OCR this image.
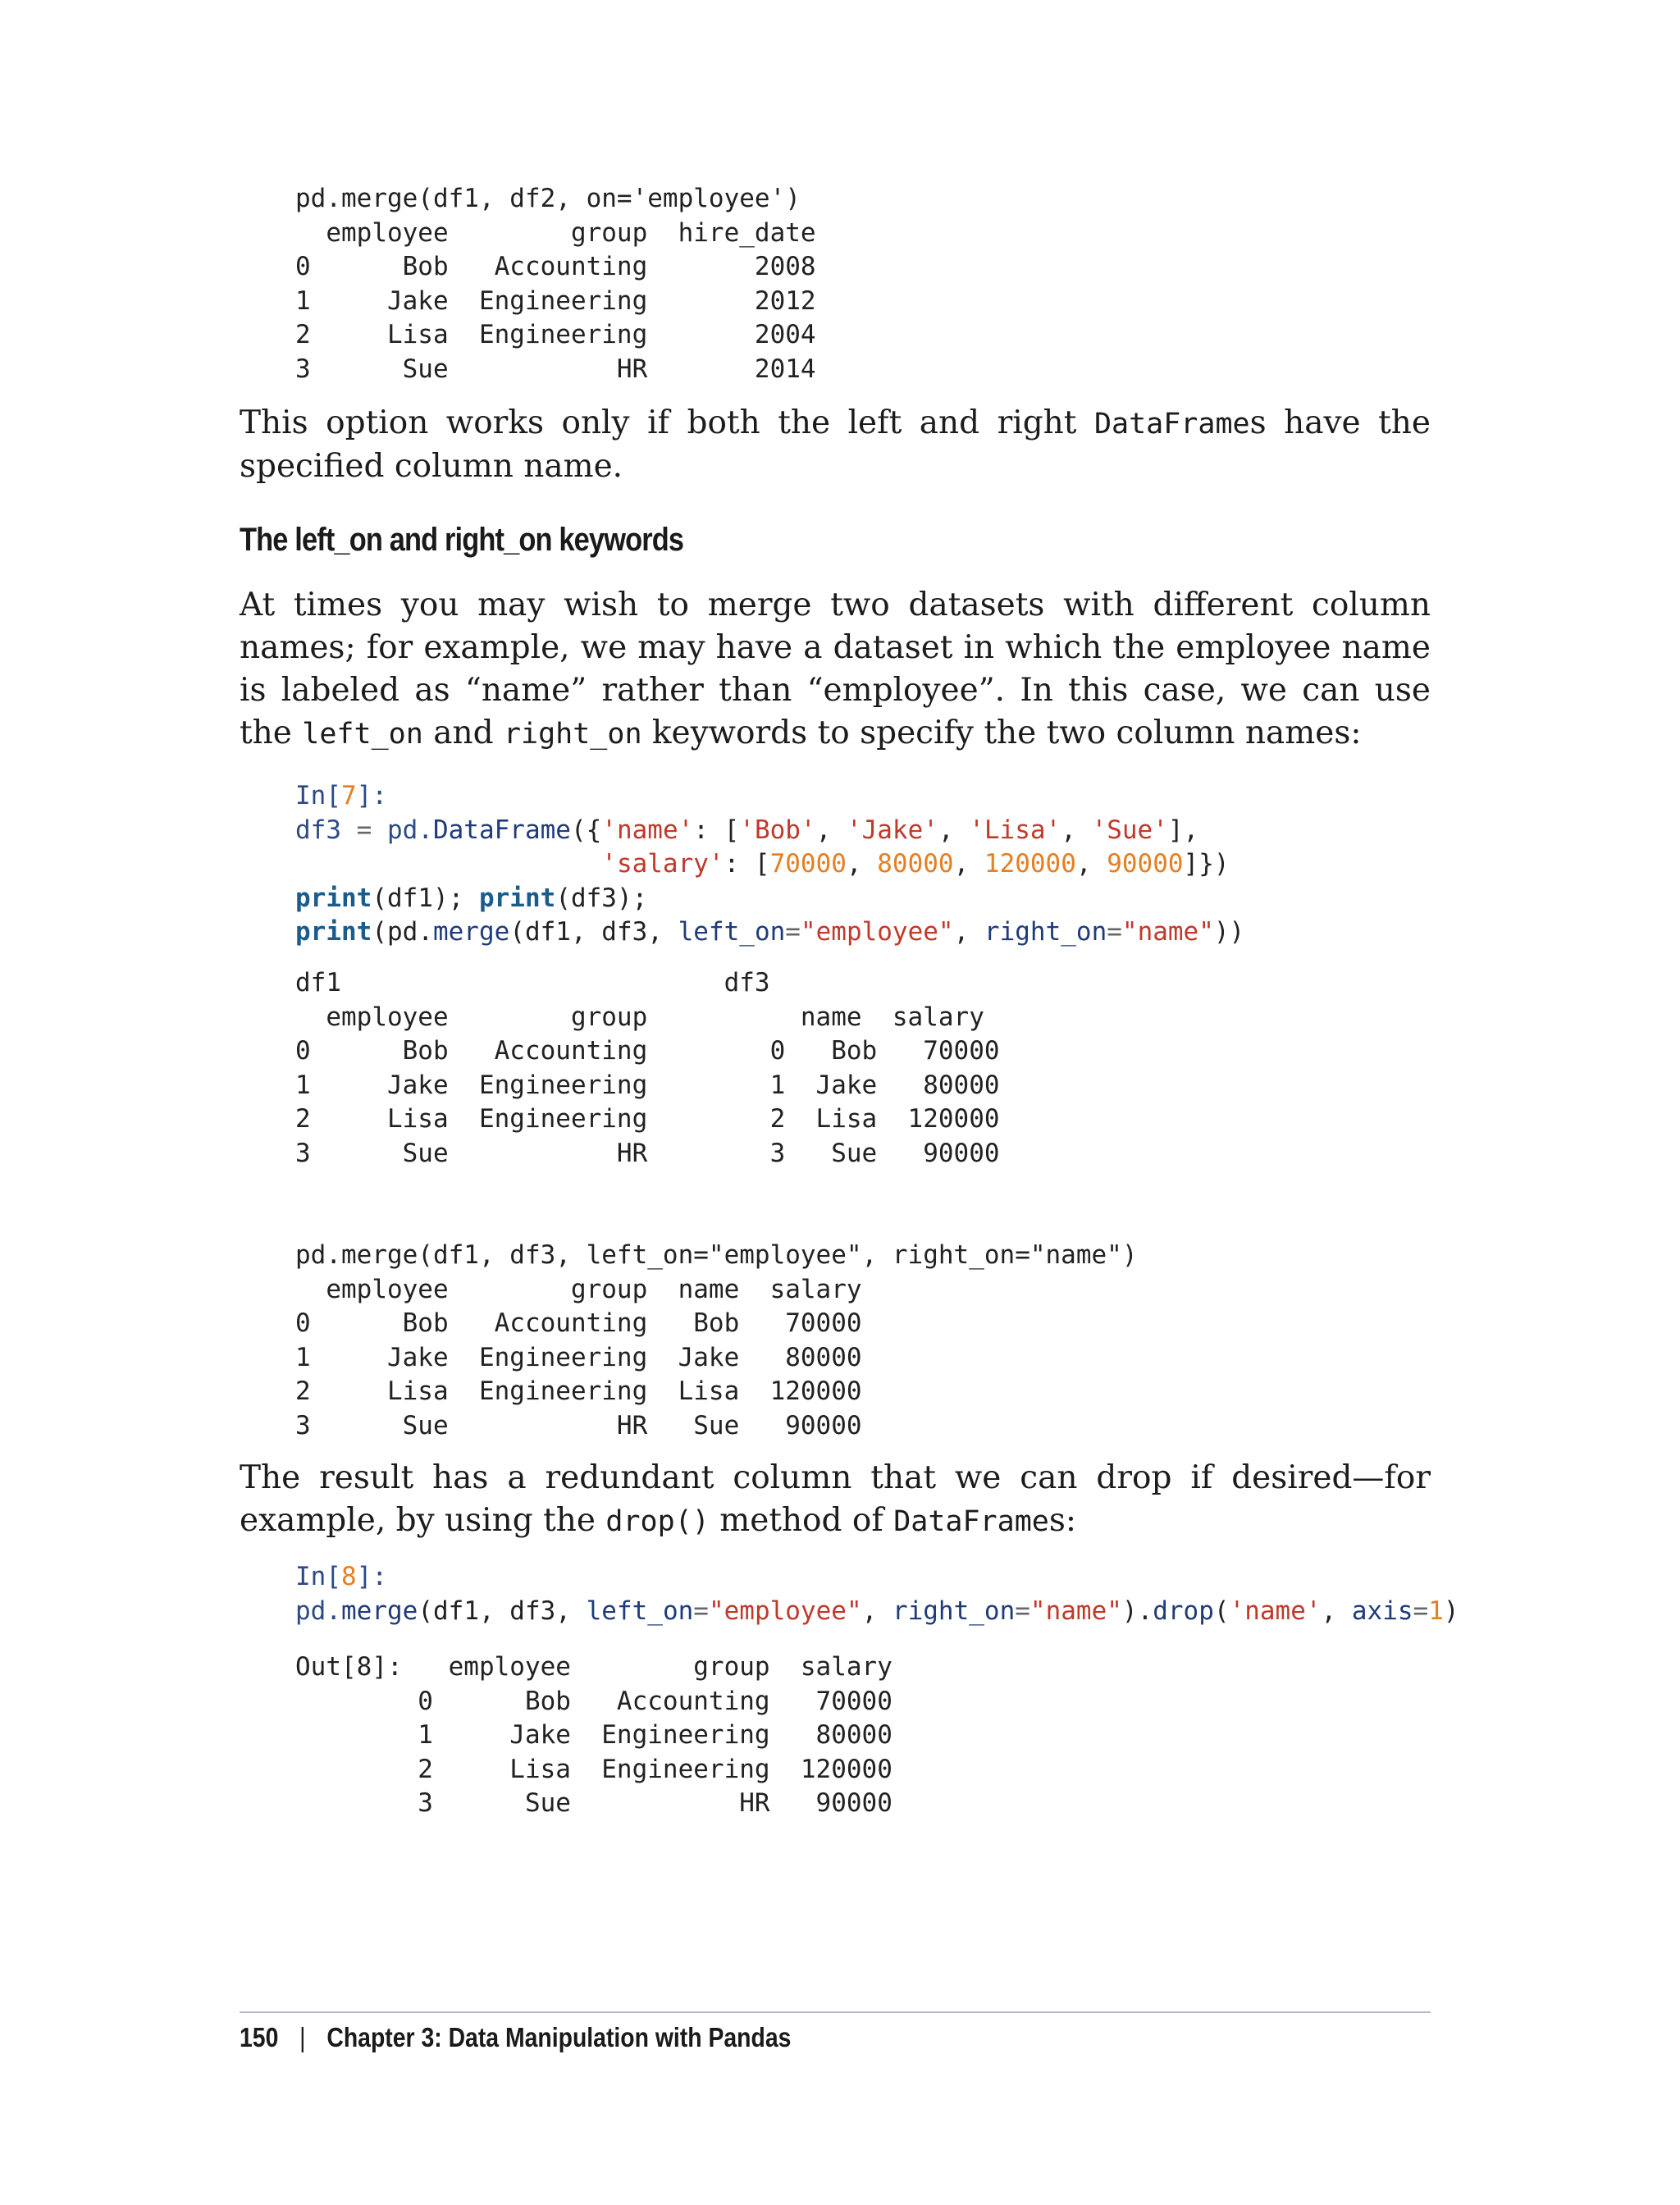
pd.merge(df1, df2, on='employee')
employee        group  hire_date
0      Bob   Accounting       2008
1     Jake  Engineering       2012
2     Lisa  Engineering       2004
3      Sue           HR       2014

This option works only if both the left and right DataFrames have the specified column name.

The left_on and right_on keywords

At times you may wish to merge two datasets with different column names; for example, we may have a dataset in which the employee name is labeled as “name” rather than “employee”. In this case, we can use the left_on and right_on keywords to specify the two column names:

In[7]:
df3 = pd.DataFrame({'name': ['Bob', 'Jake', 'Lisa', 'Sue'],
'salary': [70000, 80000, 120000, 90000]})
print(df1); print(df3);
print(pd.merge(df1, df3, left_on="employee", right_on="name"))
df1                         df3
employee        group          name  salary
0      Bob   Accounting        0   Bob   70000
1     Jake  Engineering        1  Jake   80000
2     Lisa  Engineering        2  Lisa  120000
3      Sue           HR        3   Sue   90000
pd.merge(df1, df3, left_on="employee", right_on="name")
employee        group  name  salary
0      Bob   Accounting   Bob   70000
1     Jake  Engineering  Jake   80000
2     Lisa  Engineering  Lisa  120000
3      Sue           HR   Sue   90000

The result has a redundant column that we can drop if desired—for example, by using the drop() method of DataFrames:

In[8]:
pd.merge(df1, df3, left_on="employee", right_on="name").drop('name', axis=1)
Out[8]:   employee        group  salary
0      Bob   Accounting   70000
1     Jake  Engineering   80000
2     Lisa  Engineering  120000
3      Sue           HR   90000

150 | Chapter 3: Data Manipulation with Pandas
